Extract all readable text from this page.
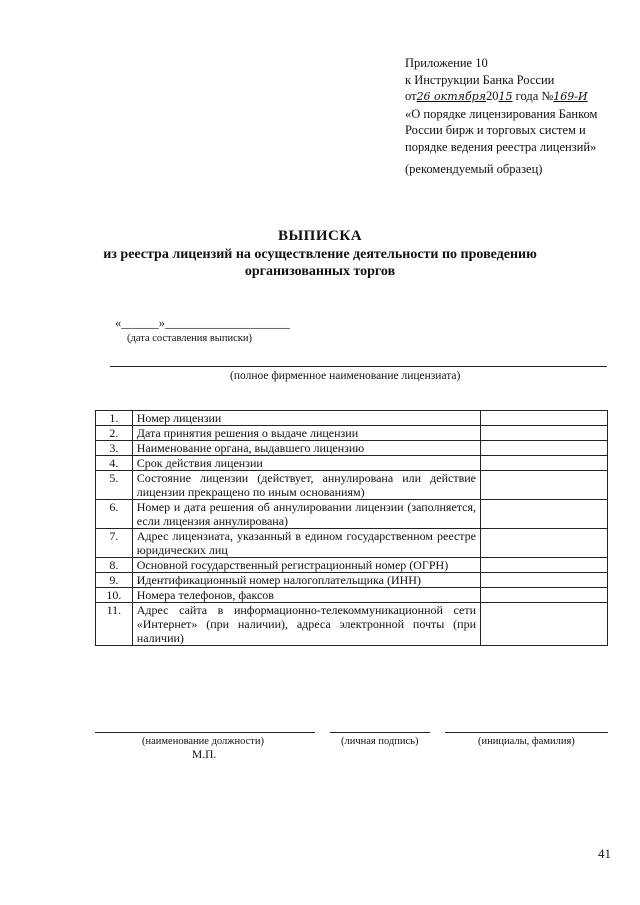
Приложение 10
к Инструкции Банка России
от26 октября2015 года №169-И
«О порядке лицензирования Банком
России бирж и торговых систем и
порядке ведения реестра лицензий»
(рекомендуемый образец)
ВЫПИСКА
из реестра лицензий на осуществление деятельности по проведению
организованных торгов
«______»____________________
(дата составления выписки)
(полное фирменное наименование лицензиата)
1.	Номер лицензии	
2.	Дата принятия решения о выдаче лицензии	
3.	Наименование органа, выдавшего лицензию	
4.	Срок действия лицензии	
5.	Состояние лицензии (действует, аннулирована или действие лицензии прекращено по иным основаниям)	
6.	Номер и дата решения об аннулировании лицензии (заполняется, если лицензия аннулирована)	
7.	Адрес лицензиата, указанный в едином государственном реестре юридических лиц	
8.	Основной государственный регистрационный номер (ОГРН)	
9.	Идентификационный номер налогоплательщика (ИНН)	
10.	Номера телефонов, факсов	
11.	Адрес сайта в информационно-телекоммуникационной сети «Интернет» (при наличии), адреса электронной почты (при наличии)	
(наименование должности)	(личная подпись)	(инициалы, фамилия)
М.П.
41
